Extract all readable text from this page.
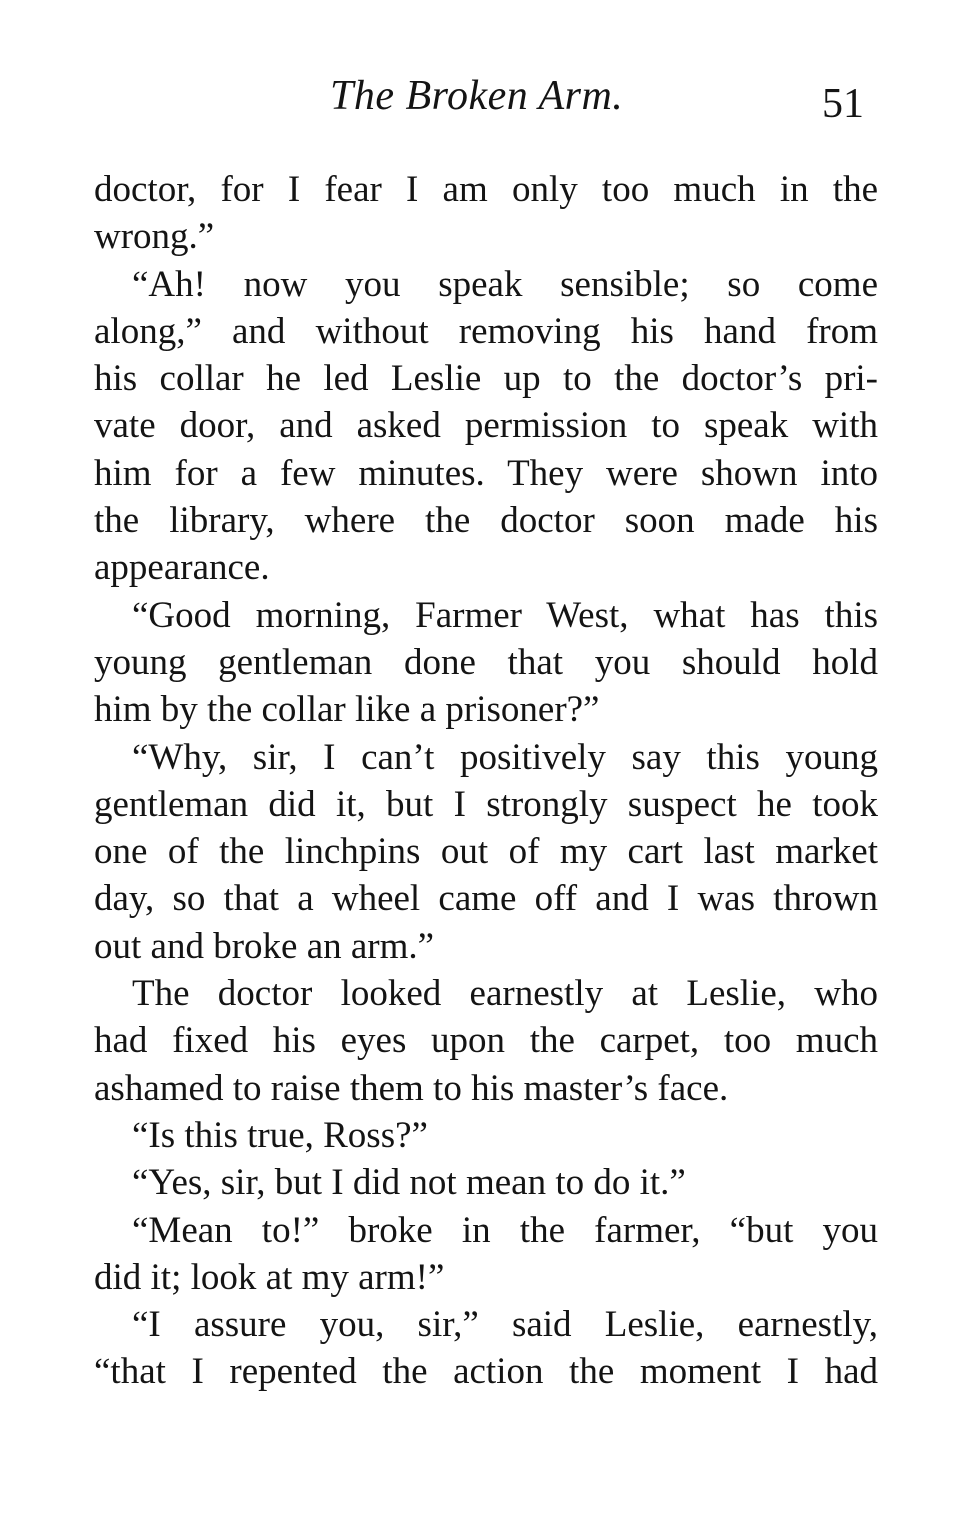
The Broken Arm.	51
doctor, for I fear I am only too much in the
wrong.”
“Ah! now you speak sensible; so come
along,” and without removing his hand from
his collar he led Leslie up to the doctor’s pri-
vate door, and asked permission to speak with
him for a few minutes. They were shown into
the library, where the doctor soon made his
appearance.
“Good morning, Farmer West, what has this
young gentleman done that you should hold
him by the collar like a prisoner?”
“Why, sir, I can’t positively say this young
gentleman did it, but I strongly suspect he took
one of the linchpins out of my cart last market
day, so that a wheel came off and I was thrown
out and broke an arm.”
The doctor looked earnestly at Leslie, who
had fixed his eyes upon the carpet, too much
ashamed to raise them to his master’s face.
“Is this true, Ross?”
“Yes, sir, but I did not mean to do it.”
“Mean to!” broke in the farmer, “but you
did it; look at my arm!”
“I assure you, sir,” said Leslie, earnestly,
“that I repented the action the moment I had
